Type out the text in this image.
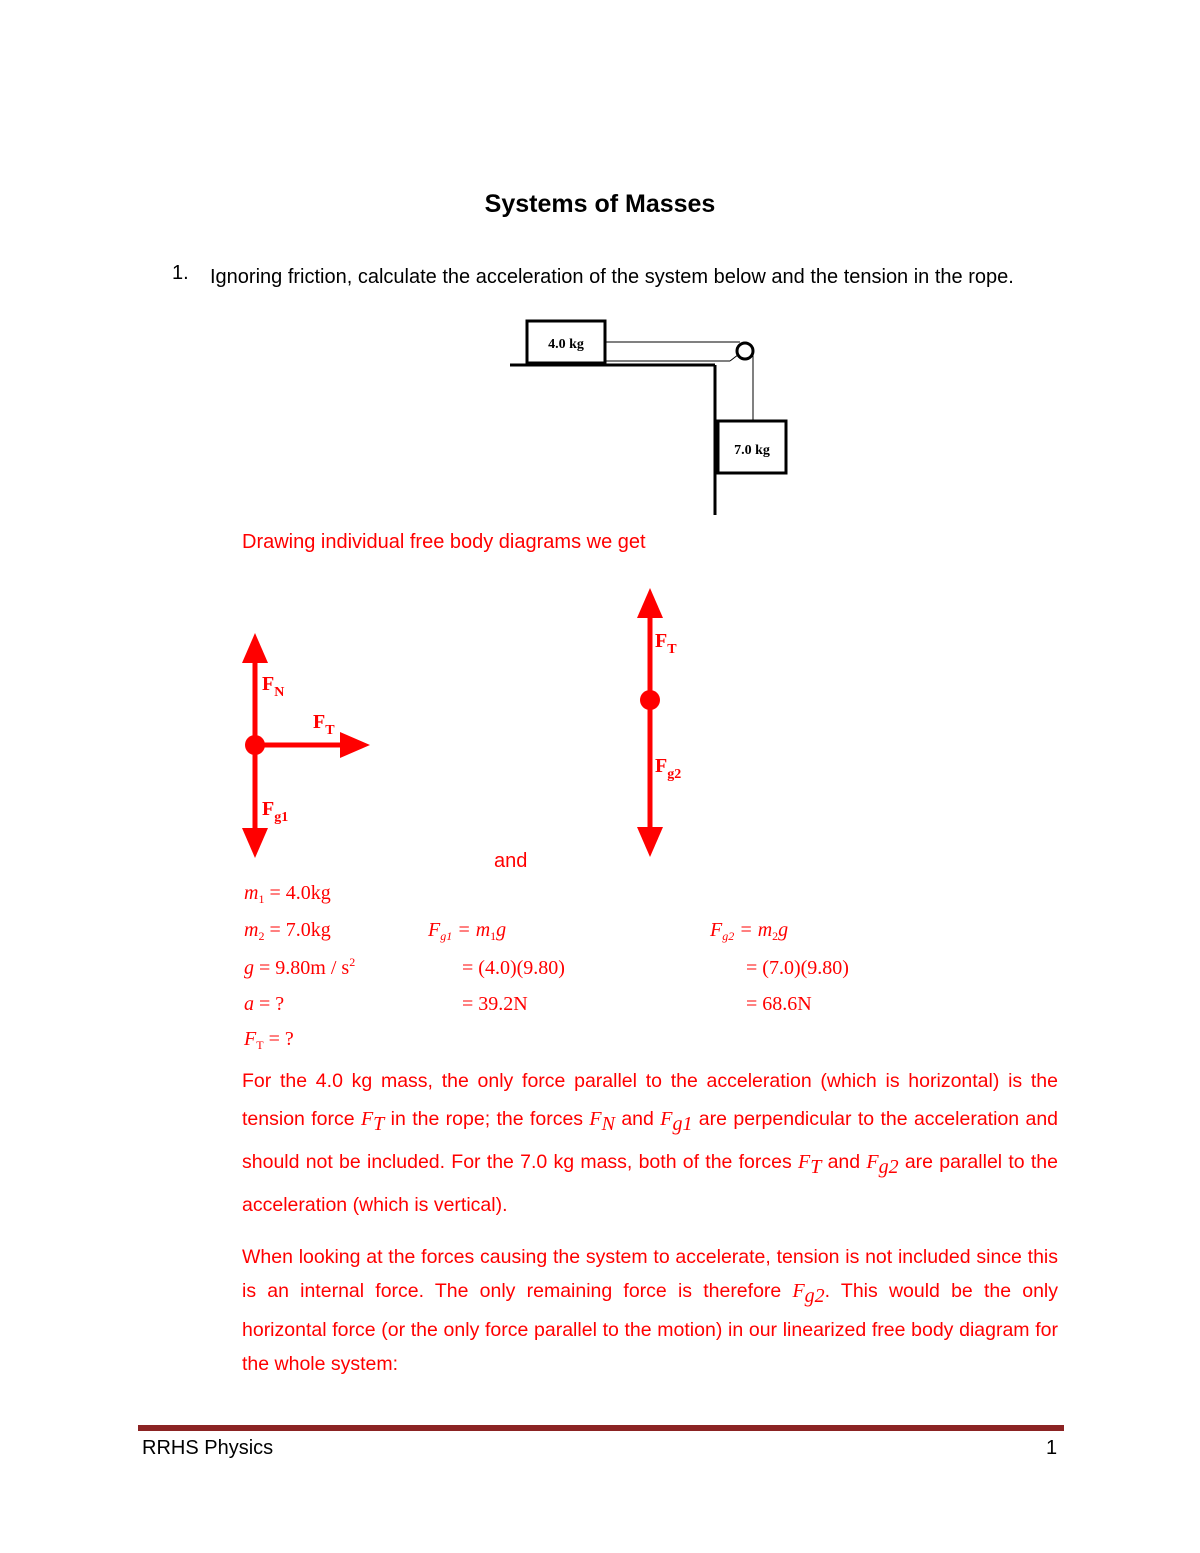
Systems of Masses
1. Ignoring friction, calculate the acceleration of the system below and the tension in the rope.
4.0 kg
7.0 kg
Drawing individual free body diagrams we get
$F_N$
$F_T$
$F_{g1}$
$F_T$
$F_{g2}$
and
$m_1 = 4.0kg$
$m_2 = 7.0kg$
$g = 9.80m / s^2$
a = ?
$F_T$ = ?
$F_{g1} = m_1g$
= (4.0)(9.80)
= 39.2N
$F_{g2} = m_2g$
= (7.0)(9.80)
= 68.6N
For the 4.0 kg mass, the only force parallel to the acceleration (which is horizontal) is the tension force $F_T$ in the rope; the forces $F_N$ and $F_{g1}$ are perpendicular to the acceleration and should not be included. For the 7.0 kg mass, both of the forces $F_T$ and $F_{g2}$ are parallel to the acceleration (which is vertical).
When looking at the forces causing the system to accelerate, tension is not included since this is an internal force. The only remaining force is therefore $F_{g2}$. This would be the only horizontal force (or the only force parallel to the motion) in our linearized free body diagram for the whole system:
RRHS Physics	1
